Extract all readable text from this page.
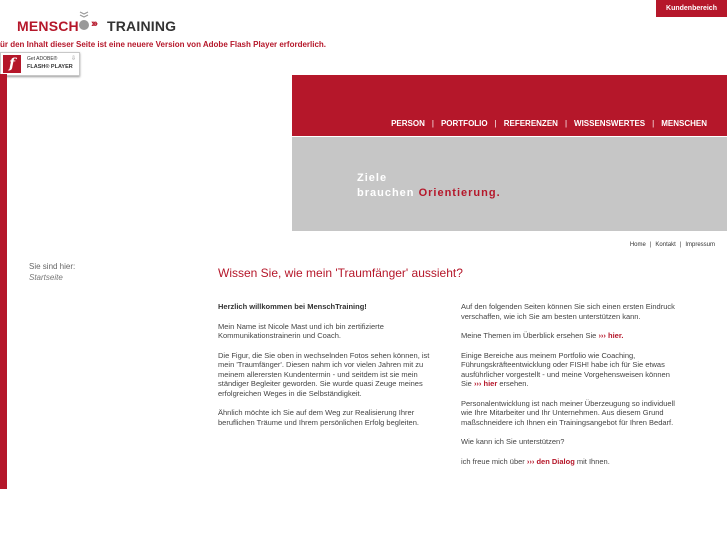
MENSCH ››› TRAINING
Kundenbereich
ür den Inhalt dieser Seite ist eine neuere Version von Adobe Flash Player erforderlich.
f	Get ADOBE®
FLASH® PLAYER
⇩
PERSON | PORTFOLIO | REFERENZEN | WISSENSWERTES | MENSCHEN
Ziele
brauchen Orientierung.
Home | Kontakt | Impressum
Sie sind hier:
Startseite	Wissen Sie, wie mein 'Traumfänger' aussieht?

Herzlich willkommen bei MenschTraining!

Mein Name ist Nicole Mast und ich bin zertifizierte Kommunikationstrainerin und Coach.

Die Figur, die Sie oben in wechselnden Fotos sehen können, ist mein 'Traumfänger'. Diesen nahm ich vor vielen Jahren mit zu meinem allerersten Kundentermin - und seitdem ist sie mein ständiger Begleiter geworden. Sie wurde quasi Zeuge meines erfolgreichen Weges in die Selbständigkeit.

Ähnlich möchte ich Sie auf dem Weg zur Realisierung Ihrer beruflichen Träume und Ihrem persönlichen Erfolg begleiten.

Auf den folgenden Seiten können Sie sich einen ersten Eindruck verschaffen, wie ich Sie am besten unterstützen kann.

Meine Themen im Überblick ersehen Sie ››› hier.

Einige Bereiche aus meinem Portfolio wie Coaching, Führungskräfteentwicklung oder FISH! habe ich für Sie etwas ausführlicher vorgestellt - und meine Vorgehensweisen können Sie ››› hier ersehen.

Personalentwicklung ist nach meiner Überzeugung so individuell wie Ihre Mitarbeiter und Ihr Unternehmen. Aus diesem Grund maßschneidere ich Ihnen ein Trainingsangebot für Ihren Bedarf.

Wie kann ich Sie unterstützen?

ich freue mich über ››› den Dialog mit Ihnen.
